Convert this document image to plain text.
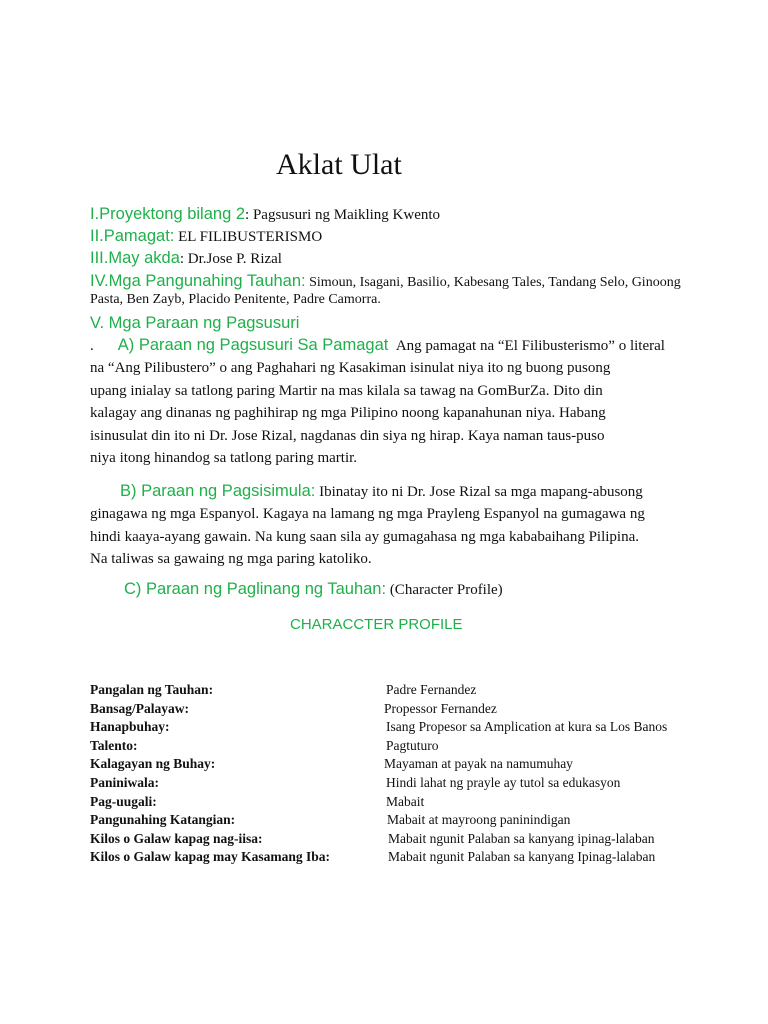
Aklat Ulat
I.Proyektong bilang 2: Pagsusuri ng Maikling Kwento
II.Pamagat: EL FILIBUSTERISMO
III.May akda: Dr.Jose P. Rizal
IV.Mga Pangunahing Tauhan: Simoun, Isagani, Basilio, Kabesang Tales, Tandang Selo, Ginoong
Pasta, Ben Zayb, Placido Penitente, Padre Camorra.
V. Mga Paraan ng Pagsusuri
. A) Paraan ng Pagsusuri Sa Pamagat Ang pamagat na “El Filibusterismo” o literal
na “Ang Pilibustero” o ang Paghahari ng Kasakiman isinulat niya ito ng buong pusong
upang inialay sa tatlong paring Martir na mas kilala sa tawag na GomBurZa. Dito din
kalagay ang dinanas ng paghihirap ng mga Pilipino noong kapanahunan niya. Habang
isinusulat din ito ni Dr. Jose Rizal, nagdanas din siya ng hirap. Kaya naman taus-puso
niya itong hinandog sa tatlong paring martir.
B) Paraan ng Pagsisimula: Ibinatay ito ni Dr. Jose Rizal sa mga mapang-abusong
ginagawa ng mga Espanyol. Kagaya na lamang ng mga Prayleng Espanyol na gumagawa ng
hindi kaaya-ayang gawain. Na kung saan sila ay gumagahasa ng mga kababaihang Pilipina.
Na taliwas sa gawaing ng mga paring katoliko.
C) Paraan ng Paglinang ng Tauhan: (Character Profile)
CHARACCTER PROFILE
Pangalan ng Tauhan:	Padre Fernandez
Bansag/Palayaw:	Propessor Fernandez
Hanapbuhay:	Isang Propesor sa Amplication at kura sa Los Banos
Talento:	Pagtuturo
Kalagayan ng Buhay:	Mayaman at payak na namumuhay
Paniniwala:	Hindi lahat ng prayle ay tutol sa edukasyon
Pag-uugali:	Mabait
Pangunahing Katangian:	Mabait at mayroong paninindigan
Kilos o Galaw kapag nag-iisa:	Mabait ngunit Palaban sa kanyang ipinag-lalaban
Kilos o Galaw kapag may Kasamang Iba:	Mabait ngunit Palaban sa kanyang Ipinag-lalaban
